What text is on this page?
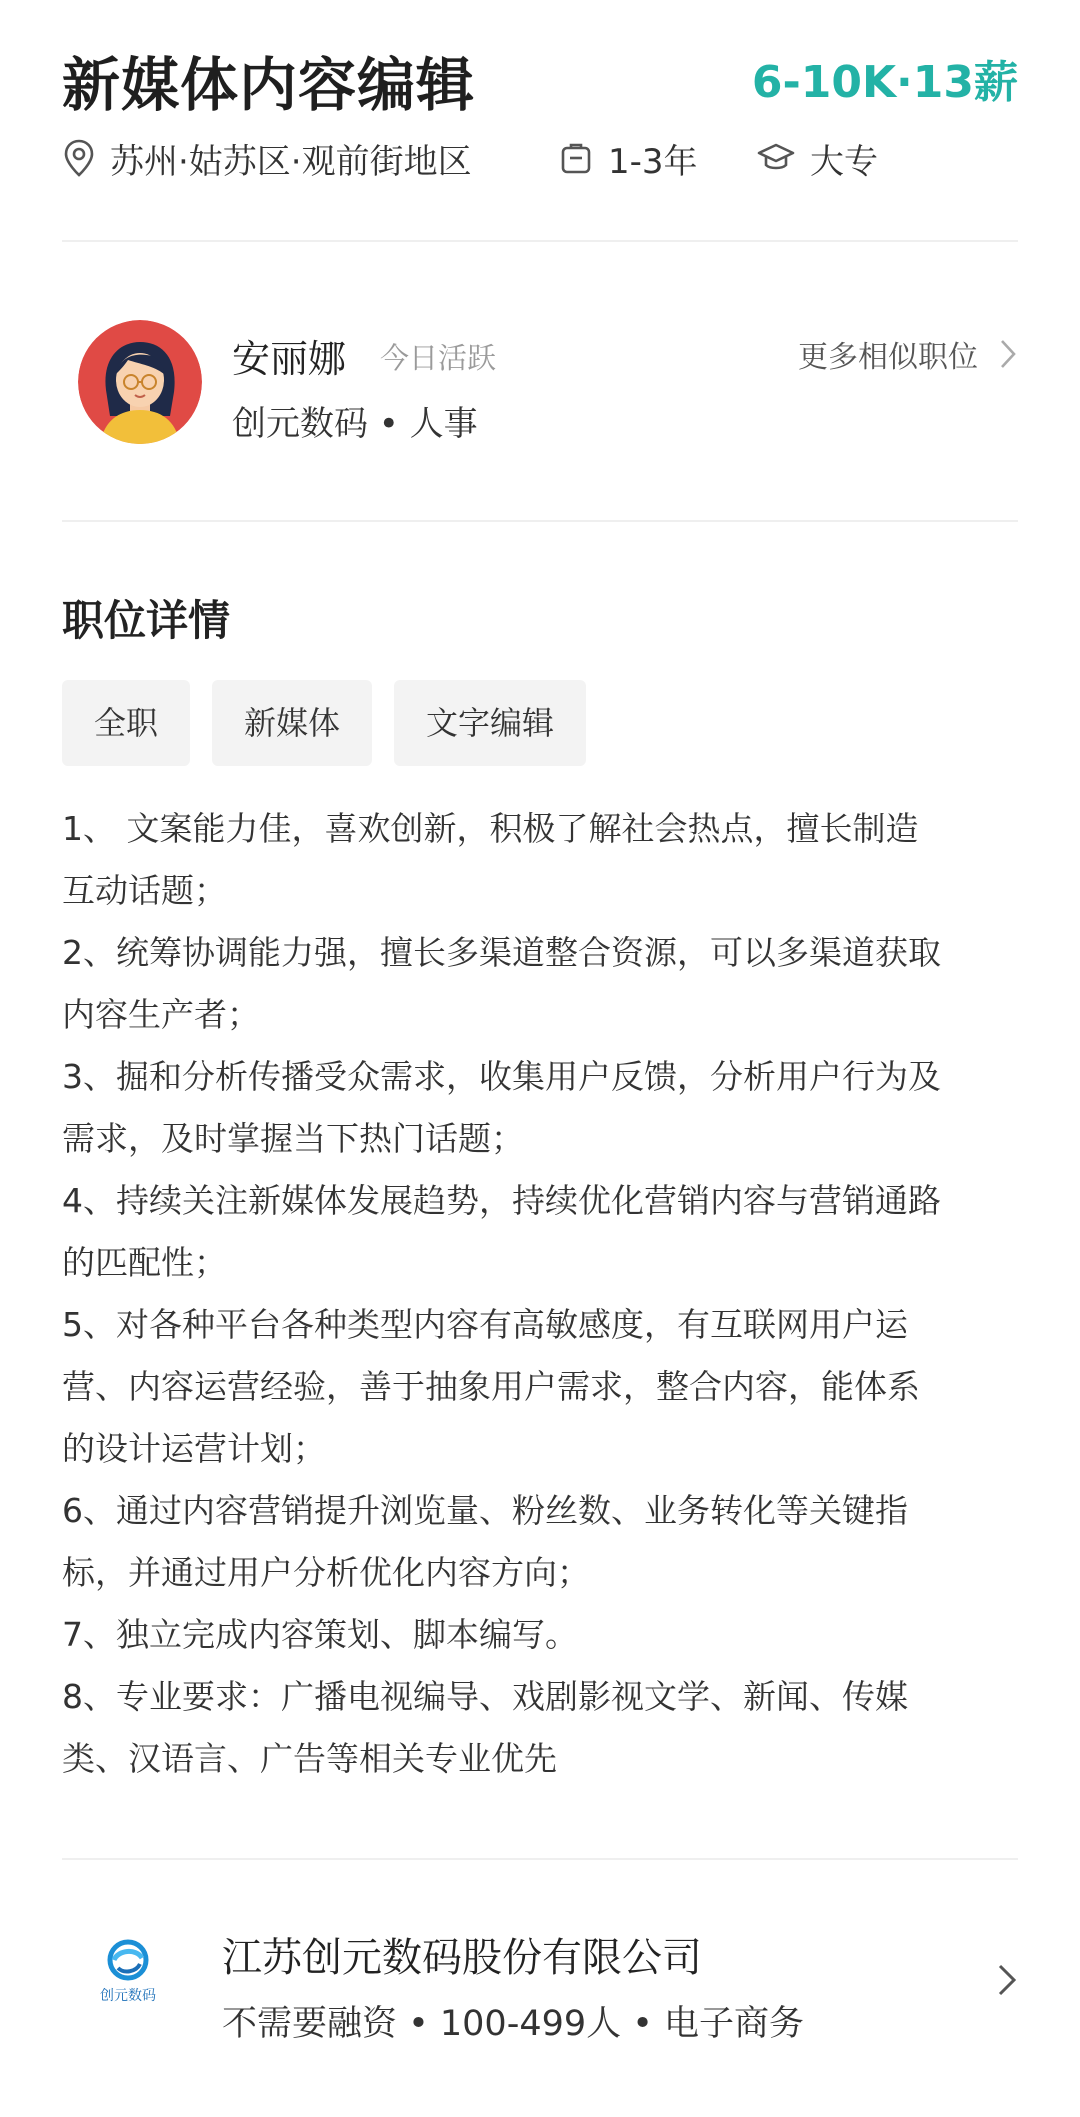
新媒体内容编辑	6-10K·13薪
苏州·姑苏区·观前街地区	1-3年	大专
安丽娜 今日活跃
创元数码 • 人事
更多相似职位
职位详情
全职	新媒体	文字编辑
1、 文案能力佳，喜欢创新，积极了解社会热点，擅长制造
互动话题；
2、统筹协调能力强，擅长多渠道整合资源，可以多渠道获取
内容生产者；
3、掘和分析传播受众需求，收集用户反馈，分析用户行为及
需求，及时掌握当下热门话题；
4、持续关注新媒体发展趋势，持续优化营销内容与营销通路
的匹配性；
5、对各种平台各种类型内容有高敏感度，有互联网用户运
营、内容运营经验，善于抽象用户需求，整合内容，能体系
的设计运营计划；
6、通过内容营销提升浏览量、粉丝数、业务转化等关键指
标，并通过用户分析优化内容方向；
7、独立完成内容策划、脚本编写。
8、专业要求：广播电视编导、戏剧影视文学、新闻、传媒
类、汉语言、广告等相关专业优先
创元数码
江苏创元数码股份有限公司
不需要融资 • 100-499人 • 电子商务
